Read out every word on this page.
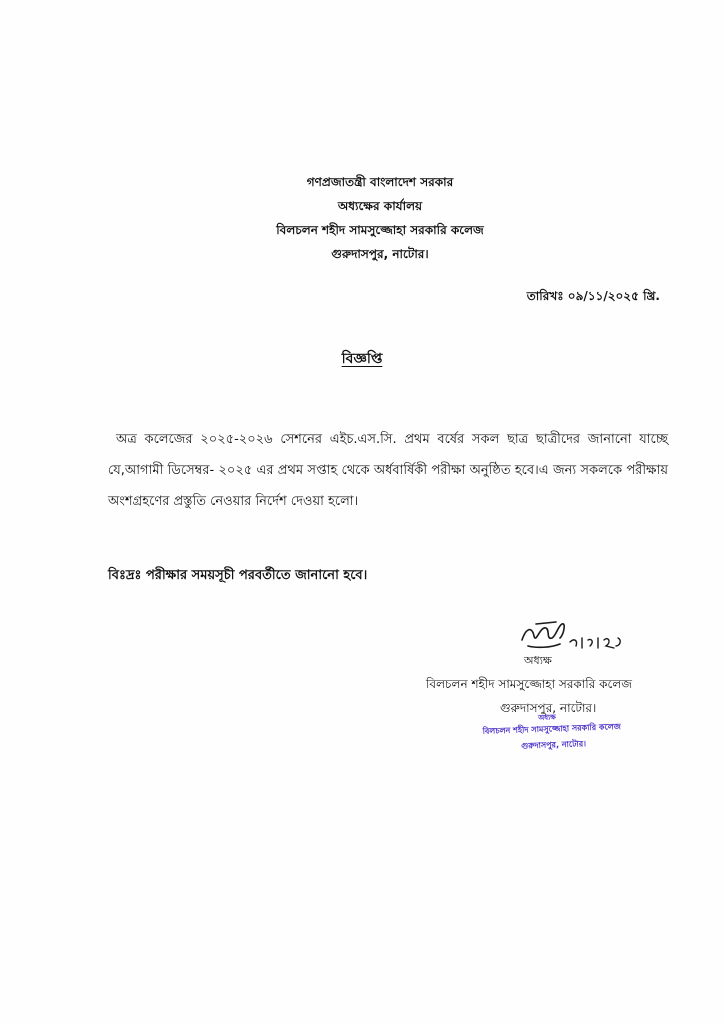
গণপ্রজাতন্ত্রী বাংলাদেশ সরকার
অধ্যক্ষের কার্যালয়
বিলচলন শহীদ সামসুজ্জোহা সরকারি কলেজ
গুরুদাসপুর, নাটোর।
তারিখঃ ০৯/১১/২০২৫ খ্রি.
বিজ্ঞপ্তি
অত্র কলেজের ২০২৫-২০২৬ সেশনের এইচ.এস.সি. প্রথম বর্ষের সকল ছাত্র ছাত্রীদের জানানো যাচ্ছে যে,আগামী ডিসেম্বর- ২০২৫ এর প্রথম সপ্তাহ থেকে অর্ধবার্ষিকী পরীক্ষা অনুষ্ঠিত হবে।এ জন্য সকলকে পরীক্ষায় অংশগ্রহণের প্রস্তুতি নেওয়ার নির্দেশ দেওয়া হলো।
বিঃদ্রঃ পরীক্ষার সময়সূচী পরবর্তীতে জানানো হবে।
অধ্যক্ষ
বিলচলন শহীদ সামসুজ্জোহা সরকারি কলেজ
গুরুদাসপুর, নাটোর।
অধ্যক্ষ
বিলচলন শহীদ সামসুজ্জোহা সরকারি কলেজ
গুরুদাসপুর, নাটোর।
